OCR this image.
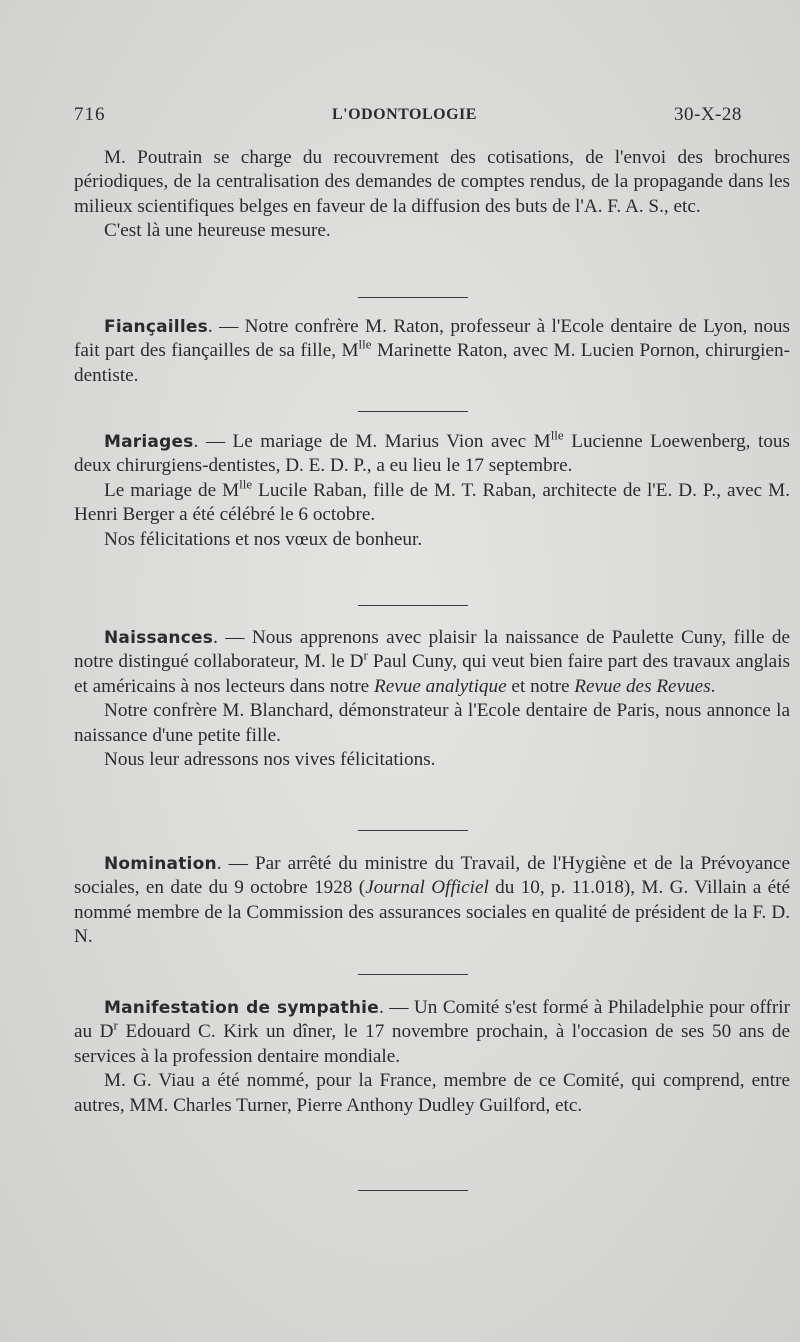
716	L'ODONTOLOGIE	30-X-28

M. Poutrain se charge du recouvrement des cotisations, de l'envoi des brochures périodiques, de la centralisation des demandes de comptes rendus, de la propagande dans les milieux scientifiques belges en faveur de la diffusion des buts de l'A. F. A. S., etc.

C'est là une heureuse mesure.

Fiançailles. — Notre confrère M. Raton, professeur à l'Ecole dentaire de Lyon, nous fait part des fiançailles de sa fille, $M^{lle}$ Marinette Raton, avec M. Lucien Pornon, chirurgien-dentiste.

Mariages. — Le mariage de M. Marius Vion avec $M^{lle}$ Lucienne Loewenberg, tous deux chirurgiens-dentistes, D. E. D. P., a eu lieu le 17 septembre.

Le mariage de $M^{lle}$ Lucile Raban, fille de M. T. Raban, architecte de l'E. D. P., avec M. Henri Berger a été célébré le 6 octobre.

Nos félicitations et nos vœux de bonheur.

Naissances. — Nous apprenons avec plaisir la naissance de Paulette Cuny, fille de notre distingué collaborateur, M. le $D^r$ Paul Cuny, qui veut bien faire part des travaux anglais et américains à nos lecteurs dans notre Revue analytique et notre Revue des Revues.

Notre confrère M. Blanchard, démonstrateur à l'Ecole dentaire de Paris, nous annonce la naissance d'une petite fille.

Nous leur adressons nos vives félicitations.

Nomination. — Par arrêté du ministre du Travail, de l'Hygiène et de la Prévoyance sociales, en date du 9 octobre 1928 (Journal Officiel du 10, p. 11.018), M. G. Villain a été nommé membre de la Commission des assurances sociales en qualité de président de la F. D. N.

Manifestation de sympathie. — Un Comité s'est formé à Philadelphie pour offrir au $D^r$ Edouard C. Kirk un dîner, le 17 novembre prochain, à l'occasion de ses 50 ans de services à la profession dentaire mondiale.

M. G. Viau a été nommé, pour la France, membre de ce Comité, qui comprend, entre autres, MM. Charles Turner, Pierre Anthony Dudley Guilford, etc.
